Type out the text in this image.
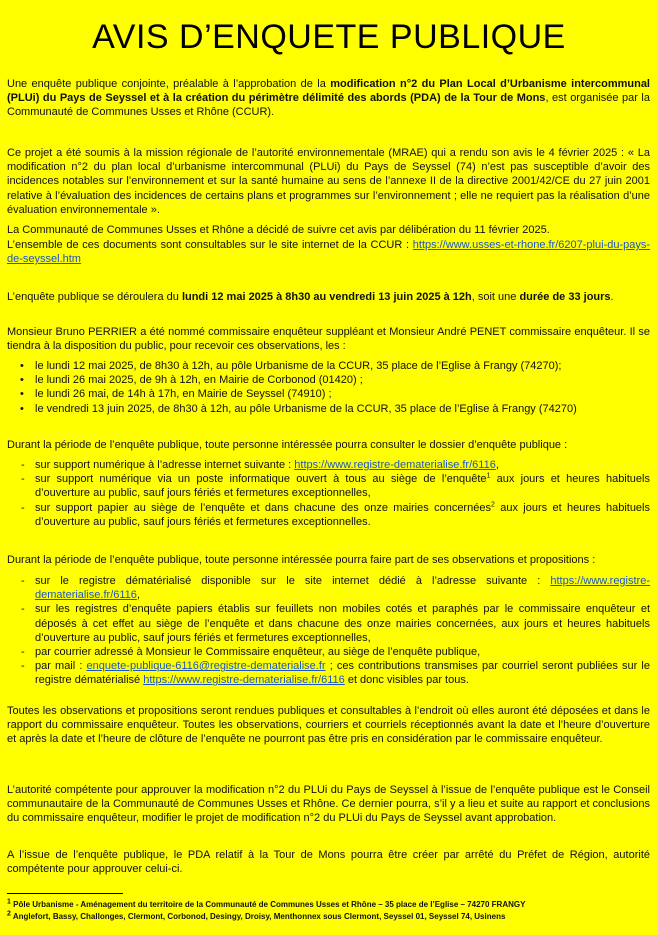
AVIS D’ENQUETE PUBLIQUE
Une enquête publique conjointe, préalable à l’approbation de la modification n°2 du Plan Local d’Urbanisme intercommunal (PLUi) du Pays de Seyssel et à la création du périmètre délimité des abords (PDA) de la Tour de Mons, est organisée par la Communauté de Communes Usses et Rhône (CCUR).
Ce projet a été soumis à la mission régionale de l’autorité environnementale (MRAE) qui a rendu son avis le 4 février 2025 : « La modification n°2 du plan local d’urbanisme intercommunal (PLUi) du Pays de Seyssel (74) n’est pas susceptible d’avoir des incidences notables sur l’environnement et sur la santé humaine au sens de l’annexe II de la directive 2001/42/CE du 27 juin 2001 relative à l’évaluation des incidences de certains plans et programmes sur l’environnement ; elle ne requiert pas la réalisation d’une évaluation environnementale ».
La Communauté de Communes Usses et Rhône a décidé de suivre cet avis par délibération du 11 février 2025.
L’ensemble de ces documents sont consultables sur le site internet de la CCUR : https://www.usses-et-rhone.fr/6207-plui-du-pays-de-seyssel.htm
L’enquête publique se déroulera du lundi 12 mai 2025 à 8h30 au vendredi 13 juin 2025 à 12h, soit une durée de 33 jours.
Monsieur Bruno PERRIER a été nommé commissaire enquêteur suppléant et Monsieur André PENET commissaire enquêteur. Il se tiendra à la disposition du public, pour recevoir ces observations, les :
• le lundi 12 mai 2025, de 8h30 à 12h, au pôle Urbanisme de la CCUR, 35 place de l’Eglise à Frangy (74270);
• le lundi 26 mai 2025, de 9h à 12h, en Mairie de Corbonod (01420) ;
• le lundi 26 mai, de 14h à 17h, en Mairie de Seyssel (74910) ;
• le vendredi 13 juin 2025, de 8h30 à 12h, au pôle Urbanisme de la CCUR, 35 place de l’Eglise à Frangy (74270)
Durant la période de l’enquête publique, toute personne intéressée pourra consulter le dossier d’enquête publique :
- sur support numérique à l’adresse internet suivante : https://www.registre-dematerialise.fr/6116,
- sur support numérique via un poste informatique ouvert à tous au siège de l’enquête$^1$ aux jours et heures habituels d’ouverture au public, sauf jours fériés et fermetures exceptionnelles,
- sur support papier au siège de l’enquête et dans chacune des onze mairies concernées$^2$ aux jours et heures habituels d’ouverture au public, sauf jours fériés et fermetures exceptionnelles.
Durant la période de l’enquête publique, toute personne intéressée pourra faire part de ses observations et propositions :
- sur le registre dématérialisé disponible sur le site internet dédié à l’adresse suivante : https://www.registre-dematerialise.fr/6116,
- sur les registres d’enquête papiers établis sur feuillets non mobiles cotés et paraphés par le commissaire enquêteur et déposés à cet effet au siège de l’enquête et dans chacune des onze mairies concernées, aux jours et heures habituels d’ouverture au public, sauf jours fériés et fermetures exceptionnelles,
- par courrier adressé à Monsieur le Commissaire enquêteur, au siège de l’enquête publique,
- par mail : enquete-publique-6116@registre-dematerialise.fr ; ces contributions transmises par courriel seront publiées sur le registre dématérialisé https://www.registre-dematerialise.fr/6116 et donc visibles par tous.
Toutes les observations et propositions seront rendues publiques et consultables à l’endroit où elles auront été déposées et dans le rapport du commissaire enquêteur. Toutes les observations, courriers et courriels réceptionnés avant la date et l’heure d’ouverture et après la date et l’heure de clôture de l’enquête ne pourront pas être pris en considération par le commissaire enquêteur.
L’autorité compétente pour approuver la modification n°2 du PLUi du Pays de Seyssel à l’issue de l’enquête publique est le Conseil communautaire de la Communauté de Communes Usses et Rhône. Ce dernier pourra, s’il y a lieu et suite au rapport et conclusions du commissaire enquêteur, modifier le projet de modification n°2 du PLUi du Pays de Seyssel avant approbation.
A l’issue de l’enquête publique, le PDA relatif à la Tour de Mons pourra être créer par arrêté du Préfet de Région, autorité compétente pour approuver celui-ci.
$^1$ Pôle Urbanisme - Aménagement du territoire de la Communauté de Communes Usses et Rhône – 35 place de l’Eglise – 74270 FRANGY
$^2$ Anglefort, Bassy, Challonges, Clermont, Corbonod, Desingy, Droisy, Menthonnex sous Clermont, Seyssel 01, Seyssel 74, Usinens
